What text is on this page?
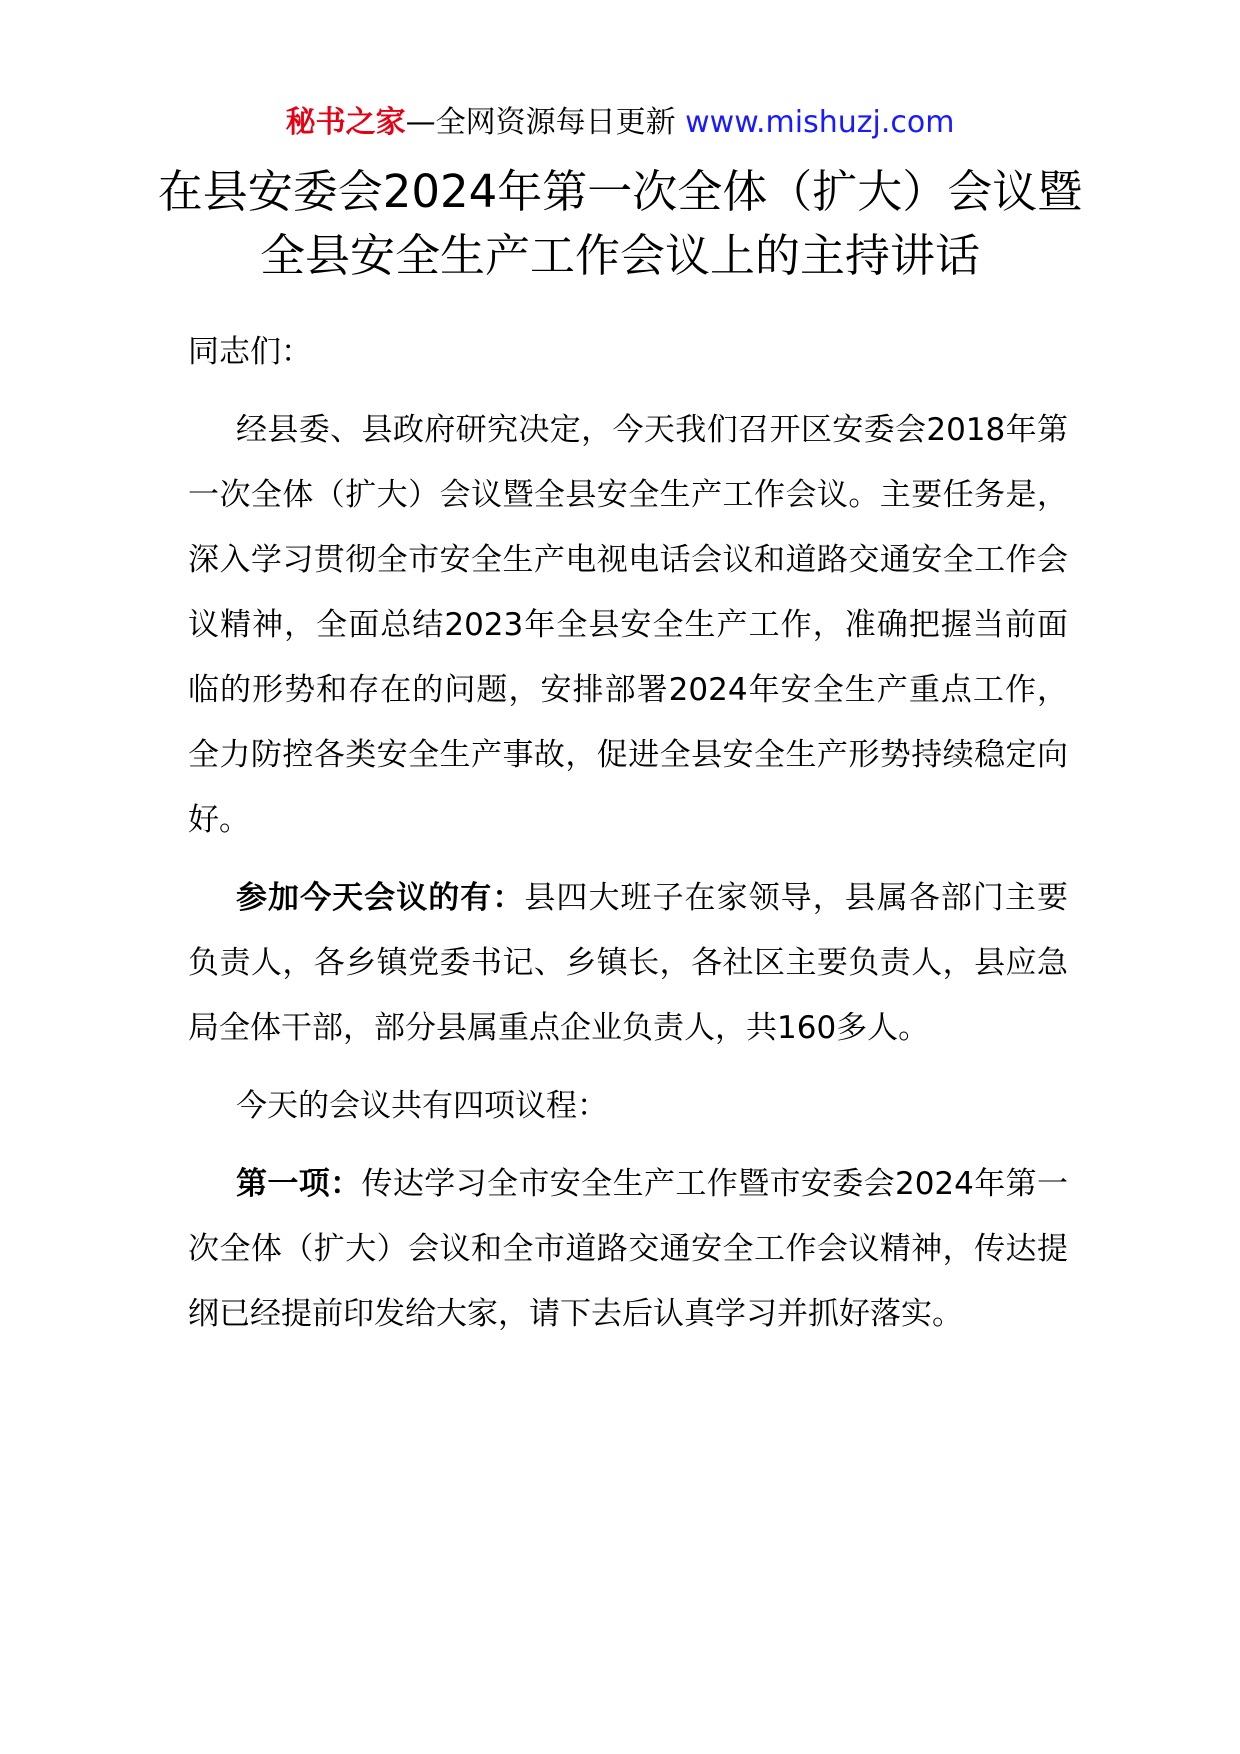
秘书之家—全网资源每日更新 www.mishuzj.com
在县安委会2024年第一次全体（扩大）会议暨全县安全生产工作会议上的主持讲话

同志们：

经县委、县政府研究决定，今天我们召开区安委会2018年第一次全体（扩大）会议暨全县安全生产工作会议。主要任务是，深入学习贯彻全市安全生产电视电话会议和道路交通安全工作会议精神，全面总结2023年全县安全生产工作，准确把握当前面临的形势和存在的问题，安排部署2024年安全生产重点工作，全力防控各类安全生产事故，促进全县安全生产形势持续稳定向好。

参加今天会议的有：县四大班子在家领导，县属各部门主要负责人，各乡镇党委书记、乡镇长，各社区主要负责人，县应急局全体干部，部分县属重点企业负责人，共160多人。

今天的会议共有四项议程：

第一项：传达学习全市安全生产工作暨市安委会2024年第一次全体（扩大）会议和全市道路交通安全工作会议精神，传达提纲已经提前印发给大家，请下去后认真学习并抓好落实。
